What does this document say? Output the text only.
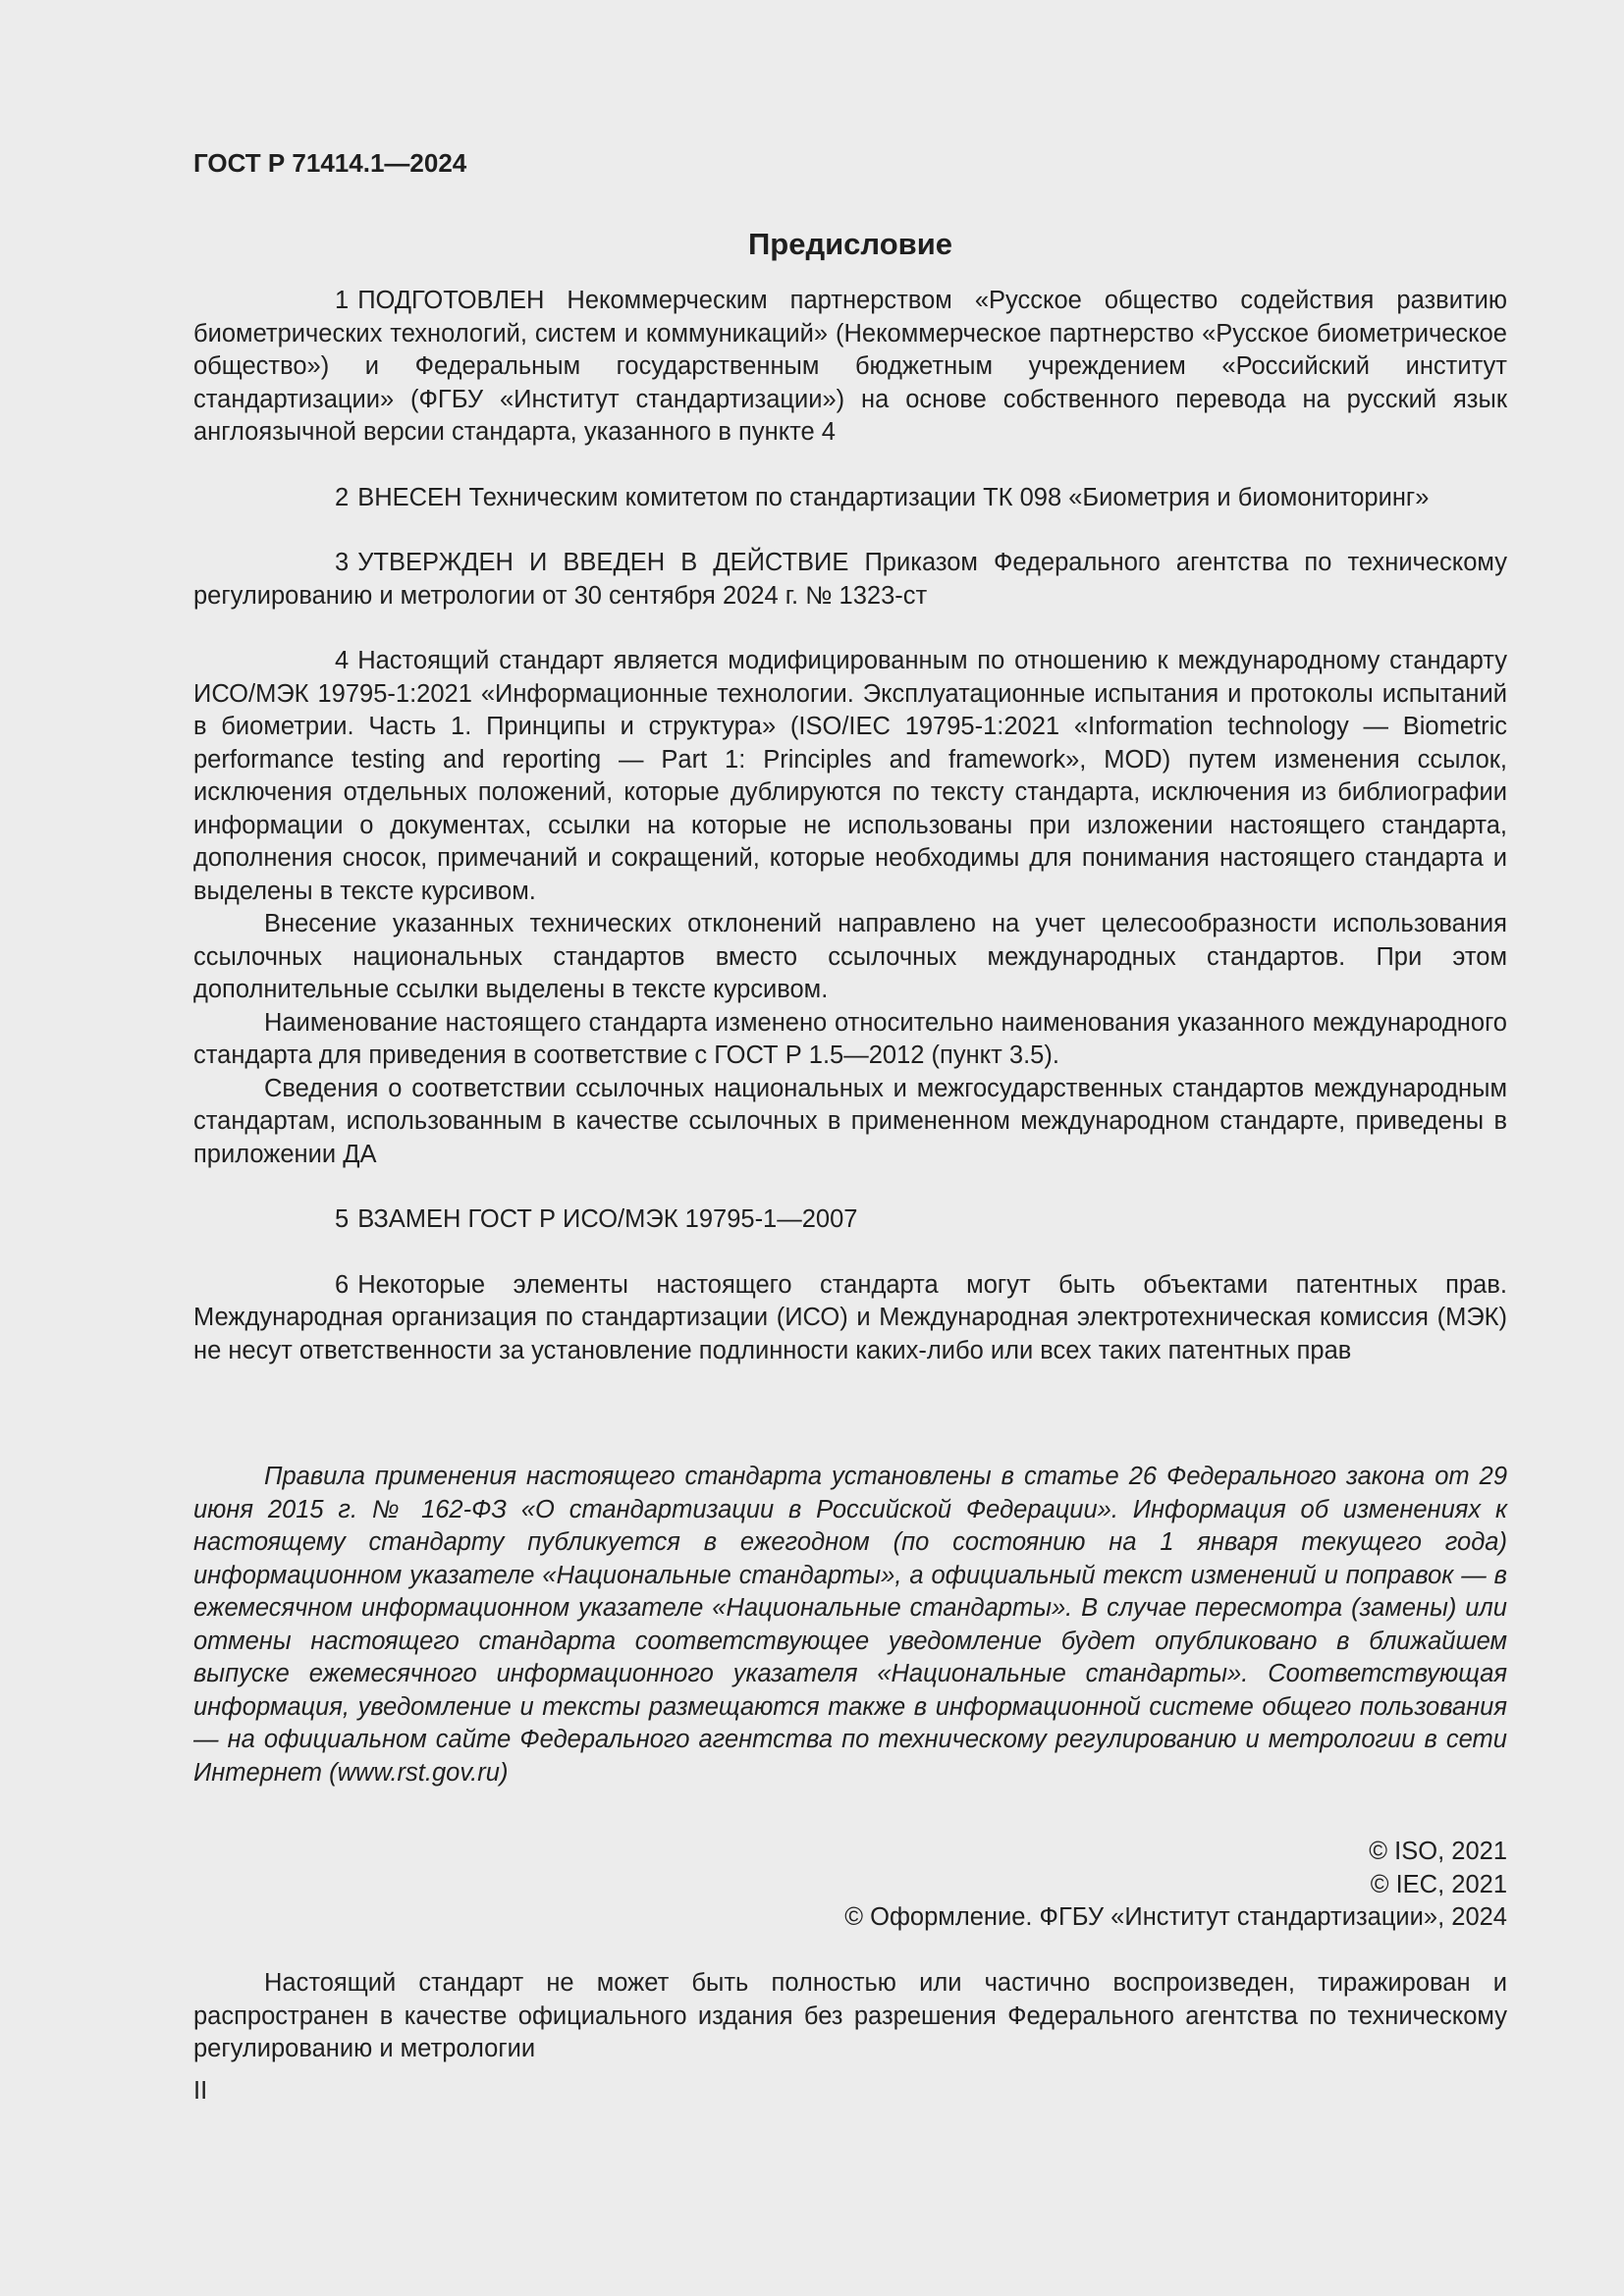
ГОСТ Р 71414.1—2024
Предисловие

1 ПОДГОТОВЛЕН Некоммерческим партнерством «Русское общество содействия развитию биометрических технологий, систем и коммуникаций» (Некоммерческое партнерство «Русское биометрическое общество») и Федеральным государственным бюджетным учреждением «Российский институт стандартизации» (ФГБУ «Институт стандартизации») на основе собственного перевода на русский язык англоязычной версии стандарта, указанного в пункте 4

2 ВНЕСЕН Техническим комитетом по стандартизации ТК 098 «Биометрия и биомониторинг»

3 УТВЕРЖДЕН И ВВЕДЕН В ДЕЙСТВИЕ Приказом Федерального агентства по техническому регулированию и метрологии от 30 сентября 2024 г. № 1323-ст

4 Настоящий стандарт является модифицированным по отношению к международному стандарту ИСО/МЭК 19795-1:2021 «Информационные технологии. Эксплуатационные испытания и протоколы испытаний в биометрии. Часть 1. Принципы и структура» (ISO/IEC 19795-1:2021 «Information technology — Biometric performance testing and reporting — Part 1: Principles and framework», MOD) путем изменения ссылок, исключения отдельных положений, которые дублируются по тексту стандарта, исключения из библиографии информации о документах, ссылки на которые не использованы при изложении настоящего стандарта, дополнения сносок, примечаний и сокращений, которые необходимы для понимания настоящего стандарта и выделены в тексте курсивом.

Внесение указанных технических отклонений направлено на учет целесообразности использования ссылочных национальных стандартов вместо ссылочных международных стандартов. При этом дополнительные ссылки выделены в тексте курсивом.

Наименование настоящего стандарта изменено относительно наименования указанного международного стандарта для приведения в соответствие с ГОСТ Р 1.5—2012 (пункт 3.5).

Сведения о соответствии ссылочных национальных и межгосударственных стандартов международным стандартам, использованным в качестве ссылочных в примененном международном стандарте, приведены в приложении ДА

5 ВЗАМЕН ГОСТ Р ИСО/МЭК 19795-1—2007

6 Некоторые элементы настоящего стандарта могут быть объектами патентных прав. Международная организация по стандартизации (ИСО) и Международная электротехническая комиссия (МЭК) не несут ответственности за установление подлинности каких-либо или всех таких патентных прав

Правила применения настоящего стандарта установлены в статье 26 Федерального закона от 29 июня 2015 г. № 162-ФЗ «О стандартизации в Российской Федерации». Информация об изменениях к настоящему стандарту публикуется в ежегодном (по состоянию на 1 января текущего года) информационном указателе «Национальные стандарты», а официальный текст изменений и поправок — в ежемесячном информационном указателе «Национальные стандарты». В случае пересмотра (замены) или отмены настоящего стандарта соответствующее уведомление будет опубликовано в ближайшем выпуске ежемесячного информационного указателя «Национальные стандарты». Соответствующая информация, уведомление и тексты размещаются также в информационной системе общего пользования — на официальном сайте Федерального агентства по техническому регулированию и метрологии в сети Интернет (www.rst.gov.ru)

© ISO, 2021
© IEC, 2021
© Оформление. ФГБУ «Институт стандартизации», 2024

Настоящий стандарт не может быть полностью или частично воспроизведен, тиражирован и распространен в качестве официального издания без разрешения Федерального агентства по техническому регулированию и метрологии

II
